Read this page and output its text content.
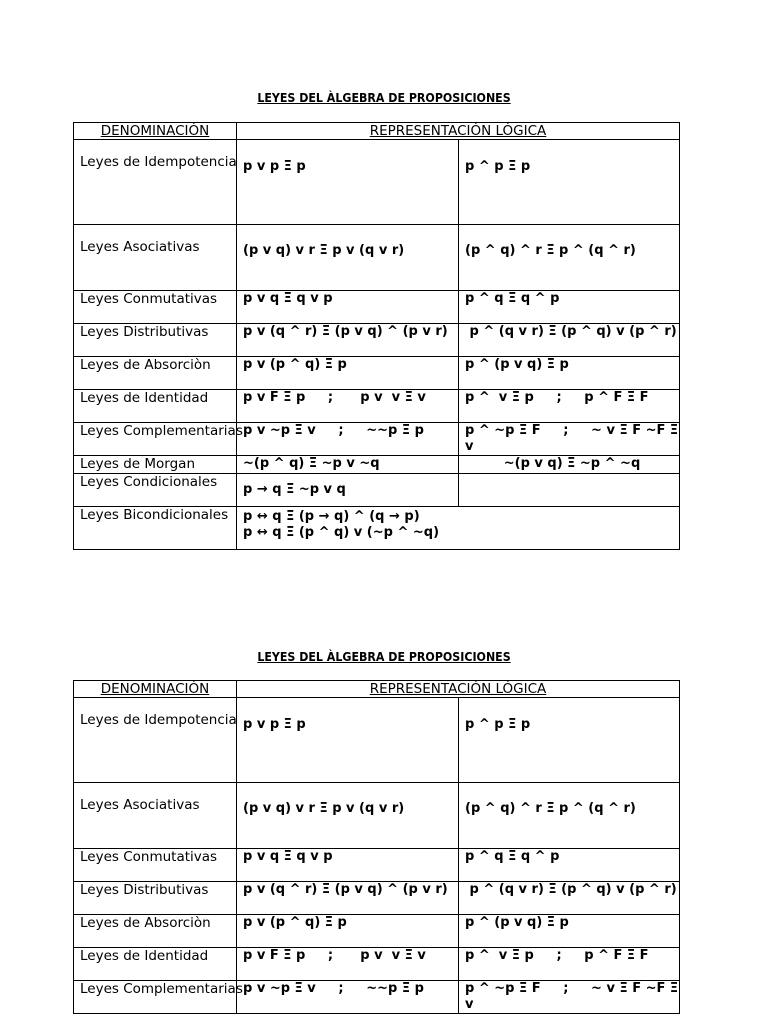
LEYES DEL ÀLGEBRA DE PROPOSICIONES
DENOMINACIÓN	REPRESENTACIÓN LÓGICA	
Leyes de Idempotencia	p v p Ξ p	p ^ p Ξ p
Leyes Asociativas	(p v q) v r Ξ p v (q v r)	(p ^ q) ^ r Ξ p ^ (q ^ r)
Leyes Conmutativas	p v q Ξ q v p	p ^ q Ξ q ^ p
Leyes Distributivas	p v (q ^ r) Ξ (p v q) ^ (p v r)	p ^ (q v r) Ξ (p ^ q) v (p ^ r)
Leyes de Absorciòn	p v (p ^ q) Ξ p	p ^ (p v q) Ξ p
Leyes de Identidad	p v F Ξ p     ;      p v  v Ξ v	p ^  v Ξ p     ;     p ^ F Ξ F
Leyes Complementarias	p v ~p Ξ v     ;     ~~p Ξ p	p ^ ~p Ξ F     ;     ~ v Ξ F ~F Ξ v
Leyes de Morgan	~(p ^ q) Ξ ~p v ~q	~(p v q) Ξ ~p ^ ~q
Leyes Condicionales	p → q Ξ ~p v q	
Leyes Bicondicionales	p ↔ q Ξ (p → q) ^ (q → p)
p ↔ q Ξ (p ^ q) v (~p ^ ~q)	
LEYES DEL ÀLGEBRA DE PROPOSICIONES
DENOMINACIÓN	REPRESENTACIÓN LÓGICA	
Leyes de Idempotencia	p v p Ξ p	p ^ p Ξ p
Leyes Asociativas	(p v q) v r Ξ p v (q v r)	(p ^ q) ^ r Ξ p ^ (q ^ r)
Leyes Conmutativas	p v q Ξ q v p	p ^ q Ξ q ^ p
Leyes Distributivas	p v (q ^ r) Ξ (p v q) ^ (p v r)	p ^ (q v r) Ξ (p ^ q) v (p ^ r)
Leyes de Absorciòn	p v (p ^ q) Ξ p	p ^ (p v q) Ξ p
Leyes de Identidad	p v F Ξ p     ;      p v  v Ξ v	p ^  v Ξ p     ;     p ^ F Ξ F
Leyes Complementarias	p v ~p Ξ v     ;     ~~p Ξ p	p ^ ~p Ξ F     ;     ~ v Ξ F ~F Ξ v
